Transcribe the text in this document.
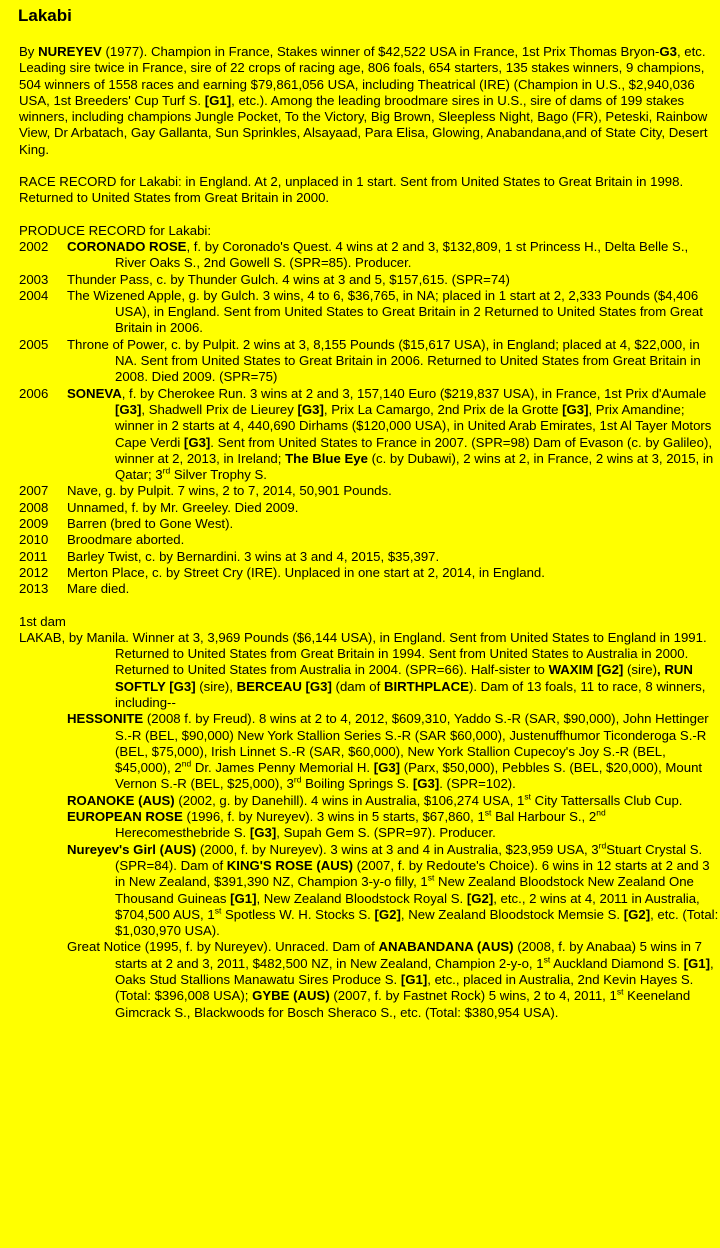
Lakabi

By NUREYEV (1977). Champion in France, Stakes winner of $42,522 USA in France, 1st Prix Thomas Bryon-G3, etc. Leading sire twice in France, sire of 22 crops of racing age, 806 foals, 654 starters, 135 stakes winners, 9 champions, 504 winners of 1558 races and earning $79,861,056 USA, including Theatrical (IRE) (Champion in U.S., $2,940,036 USA, 1st Breeders' Cup Turf S. [G1], etc.). Among the leading broodmare sires in U.S., sire of dams of 199 stakes winners, including champions Jungle Pocket, To the Victory, Big Brown, Sleepless Night, Bago (FR), Peteski, Rainbow View, Dr Arbatach, Gay Gallanta, Sun Sprinkles, Alsayaad, Para Elisa, Glowing, Anabandana,and of State City, Desert King.

RACE RECORD for Lakabi: in England. At 2, unplaced in 1 start. Sent from United States to Great Britain in 1998. Returned to United States from Great Britain in 2000.

PRODUCE RECORD for Lakabi:

2002	CORONADO ROSE, f. by Coronado's Quest. 4 wins at 2 and 3, $132,809, 1 st Princess H., Delta Belle S., River Oaks S., 2nd Gowell S. (SPR=85). Producer.
2003	Thunder Pass, c. by Thunder Gulch. 4 wins at 3 and 5, $157,615. (SPR=74)
2004	The Wizened Apple, g. by Gulch. 3 wins, 4 to 6, $36,765, in NA; placed in 1 start at 2, 2,333 Pounds ($4,406 USA), in England. Sent from United States to Great Britain in 2 Returned to United States from Great Britain in 2006.
2005	Throne of Power, c. by Pulpit. 2 wins at 3, 8,155 Pounds ($15,617 USA), in England; placed at 4, $22,000, in NA. Sent from United States to Great Britain in 2006. Returned to United States from Great Britain in 2008. Died 2009. (SPR=75)
2006	SONEVA, f. by Cherokee Run. 3 wins at 2 and 3, 157,140 Euro ($219,837 USA), in France, 1st Prix d'Aumale [G3], Shadwell Prix de Lieurey [G3], Prix La Camargo, 2nd Prix de la Grotte [G3], Prix Amandine; winner in 2 starts at 4, 440,690 Dirhams ($120,000 USA), in United Arab Emirates, 1st Al Tayer Motors Cape Verdi [G3]. Sent from United States to France in 2007. (SPR=98) Dam of Evason (c. by Galileo), winner at 2, 2013, in Ireland; The Blue Eye (c. by Dubawi), 2 wins at 2, in France, 2 wins at 3, 2015, in Qatar; 3rd Silver Trophy S.
2007	Nave, g. by Pulpit. 7 wins, 2 to 7, 2014, 50,901 Pounds.
2008	Unnamed, f. by Mr. Greeley. Died 2009.
2009	Barren (bred to Gone West).
2010	Broodmare aborted.
2011	Barley Twist, c. by Bernardini. 3 wins at 3 and 4, 2015, $35,397.
2012	Merton Place, c. by Street Cry (IRE). Unplaced in one start at 2, 2014, in England.
2013	Mare died.

1st dam

LAKAB, by Manila. Winner at 3, 3,969 Pounds ($6,144 USA), in England. Sent from United States to England in 1991. Returned to United States from Great Britain in 1994. Sent from United States to Australia in 2000. Returned to United States from Australia in 2004. (SPR=66). Half-sister to WAXIM [G2] (sire), RUN SOFTLY [G3] (sire), BERCEAU [G3] (dam of BIRTHPLACE). Dam of 13 foals, 11 to race, 8 winners, including--

HESSONITE (2008 f. by Freud). 8 wins at 2 to 4, 2012, $609,310, Yaddo S.-R (SAR, $90,000), John Hettinger S.-R (BEL, $90,000) New York Stallion Series S.-R (SAR $60,000), Justenuffhumor Ticonderoga S.-R (BEL, $75,000), Irish Linnet S.-R (SAR, $60,000), New York Stallion Cupecoy's Joy S.-R (BEL, $45,000), 2nd Dr. James Penny Memorial H. [G3] (Parx, $50,000), Pebbles S. (BEL, $20,000), Mount Vernon S.-R (BEL, $25,000), 3rd Boiling Springs S. [G3]. (SPR=102).

ROANOKE (AUS) (2002, g. by Danehill). 4 wins in Australia, $106,274 USA, 1st City Tattersalls Club Cup.

EUROPEAN ROSE (1996, f. by Nureyev). 3 wins in 5 starts, $67,860, 1st Bal Harbour S., 2nd Herecomesthebride S. [G3], Supah Gem S. (SPR=97). Producer.

Nureyev's Girl (AUS) (2000, f. by Nureyev). 3 wins at 3 and 4 in Australia, $23,959 USA, 3rdStuart Crystal S. (SPR=84). Dam of KING'S ROSE (AUS) (2007, f. by Redoute's Choice). 6 wins in 12 starts at 2 and 3 in New Zealand, $391,390 NZ, Champion 3-y-o filly, 1st New Zealand Bloodstock New Zealand One Thousand Guineas [G1], New Zealand Bloodstock Royal S. [G2], etc., 2 wins at 4, 2011 in Australia, $704,500 AUS, 1st Spotless W. H. Stocks S. [G2], New Zealand Bloodstock Memsie S. [G2], etc. (Total: $1,030,970 USA).

Great Notice (1995, f. by Nureyev). Unraced. Dam of ANABANDANA (AUS) (2008, f. by Anabaa) 5 wins in 7 starts at 2 and 3, 2011, $482,500 NZ, in New Zealand, Champion 2-y-o, 1st Auckland Diamond S. [G1], Oaks Stud Stallions Manawatu Sires Produce S. [G1], etc., placed in Australia, 2nd Kevin Hayes S. (Total: $396,008 USA); GYBE (AUS) (2007, f. by Fastnet Rock) 5 wins, 2 to 4, 2011, 1st Keeneland Gimcrack S., Blackwoods for Bosch Sheraco S., etc. (Total: $380,954 USA).
